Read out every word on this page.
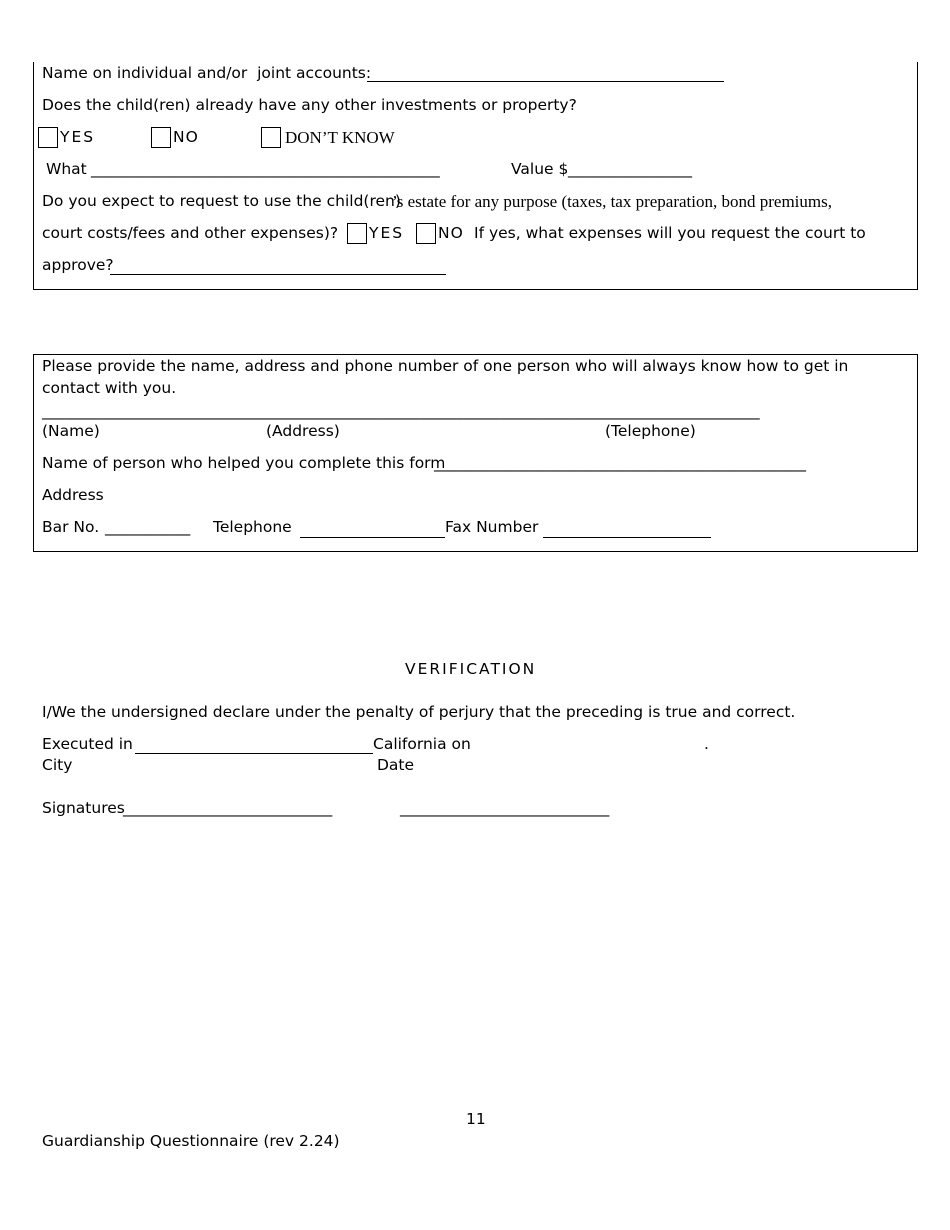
Name on individual and/or  joint accounts:
Does the child(ren) already have any other investments or property?
YES	NO	DON’T KNOW
What _____________________________________________	Value $ ________________
Do you expect to request to use the child(ren)
’s estate for any purpose (taxes, tax preparation, bond premiums,
court costs/fees and other expenses)? YES NO If yes, what expenses will you request the court to
approve?
Please provide the name, address and phone number of one person who will always know how to get in
contact with you.
_________________________________________________________________________________________________
(Name)	(Address)	(Telephone)
Name of person who helped you complete this form
________________________________________________
Address
Bar No. ___________ Telephone	Fax Number
VERIFICATION
I/We the undersigned declare under the penalty of perjury that the preceding is true and correct.
Executed in	California on	.
City	Date
Signatures
___________________________	___________________________
11
Guardianship Questionnaire (rev 2.24)
